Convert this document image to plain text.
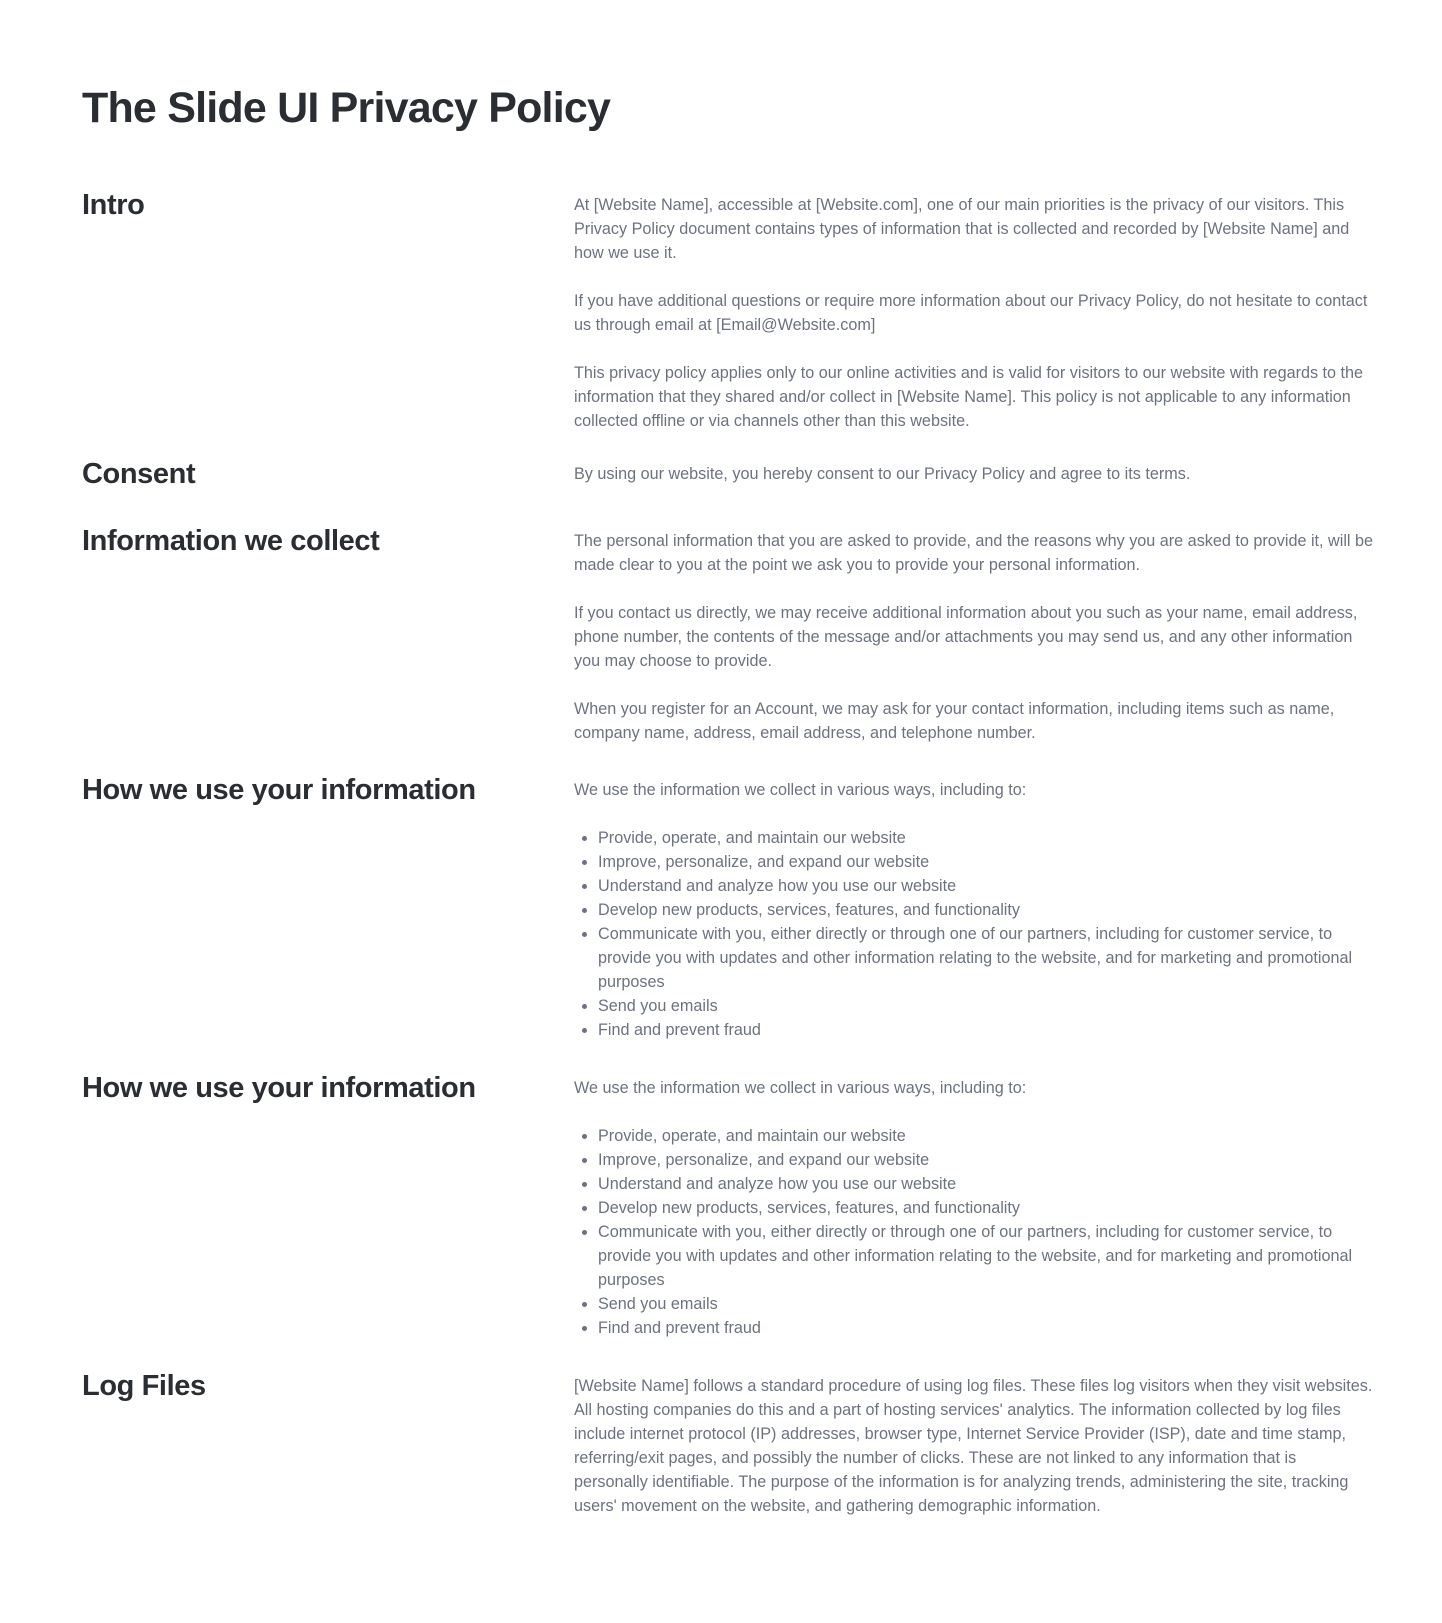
The Slide UI Privacy Policy
Intro	At [Website Name], accessible at [Website.com], one of our main priorities is the privacy of our visitors. This Privacy Policy document contains types of information that is collected and recorded by [Website Name] and how we use it.

If you have additional questions or require more information about our Privacy Policy, do not hesitate to contact us through email at [Email@Website.com]

This privacy policy applies only to our online activities and is valid for visitors to our website with regards to the information that they shared and/or collect in [Website Name]. This policy is not applicable to any information collected offline or via channels other than this website.

Consent	By using our website, you hereby consent to our Privacy Policy and agree to its terms.

Information we collect	The personal information that you are asked to provide, and the reasons why you are asked to provide it, will be made clear to you at the point we ask you to provide your personal information.

If you contact us directly, we may receive additional information about you such as your name, email address, phone number, the contents of the message and/or attachments you may send us, and any other information you may choose to provide.

When you register for an Account, we may ask for your contact information, including items such as name, company name, address, email address, and telephone number.

How we use your information	We use the information we collect in various ways, including to:

• Provide, operate, and maintain our website
• Improve, personalize, and expand our website
• Understand and analyze how you use our website
• Develop new products, services, features, and functionality
• Communicate with you, either directly or through one of our partners, including for customer service, to provide you with updates and other information relating to the website, and for marketing and promotional purposes
• Send you emails
• Find and prevent fraud
How we use your information	We use the information we collect in various ways, including to:

• Provide, operate, and maintain our website
• Improve, personalize, and expand our website
• Understand and analyze how you use our website
• Develop new products, services, features, and functionality
• Communicate with you, either directly or through one of our partners, including for customer service, to provide you with updates and other information relating to the website, and for marketing and promotional purposes
• Send you emails
• Find and prevent fraud
Log Files	[Website Name] follows a standard procedure of using log files. These files log visitors when they visit websites. All hosting companies do this and a part of hosting services' analytics. The information collected by log files include internet protocol (IP) addresses, browser type, Internet Service Provider (ISP), date and time stamp, referring/exit pages, and possibly the number of clicks. These are not linked to any information that is personally identifiable. The purpose of the information is for analyzing trends, administering the site, tracking users' movement on the website, and gathering demographic information.
